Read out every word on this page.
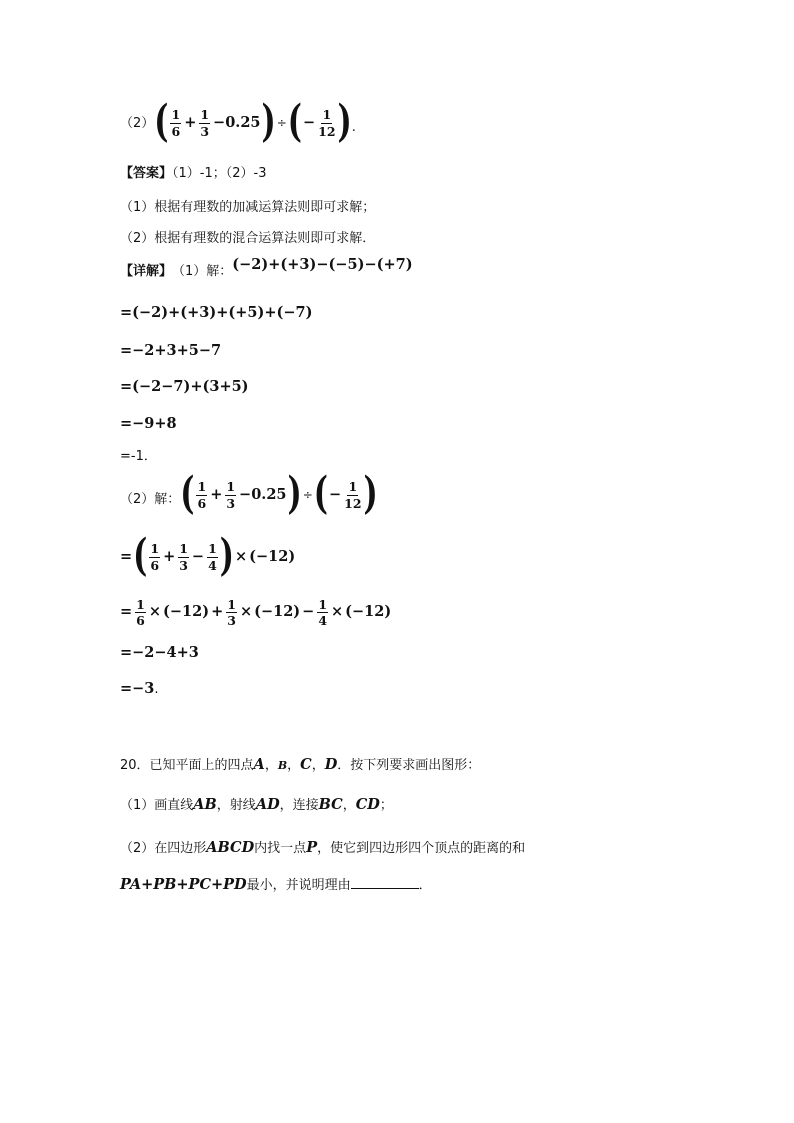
（2） ( $\frac{1}{6} + \frac{1}{3} -0.25$ ) ÷ ( − $\frac{1}{12}$ ) .
【答案】（1）-1；（2）-3
（1）根据有理数的加减运算法则即可求解；
（2）根据有理数的混合运算法则即可求解．
【详解】 （1）解： (−2)+(+3)−(−5)−(+7)
=(−2)+(+3)+(+5)+(−7)
=−2+3+5−7
=(−2−7)+(3+5)
=−9+8
=-1．
（2）解： ( $\frac{1}{6} + \frac{1}{3} -0.25$ ) ÷ ( − $\frac{1}{12}$ )
= ( $\frac{1}{6} + \frac{1}{3} - \frac{1}{4}$ ) × (−12)
= $\frac{1}{6} \times (-12) + \frac{1}{3} \times (-12) - \frac{1}{4} \times (-12)$
=−2−4+3
=−3.
20．已知平面上的四点A，B，C，D．按下列要求画出图形：
（1）画直线AB，射线AD，连接BC，CD；
（2）在四边形ABCD内找一点P，使它到四边形四个顶点的距离的和
PA+PB+PC+PD最小，并说明理由	．
